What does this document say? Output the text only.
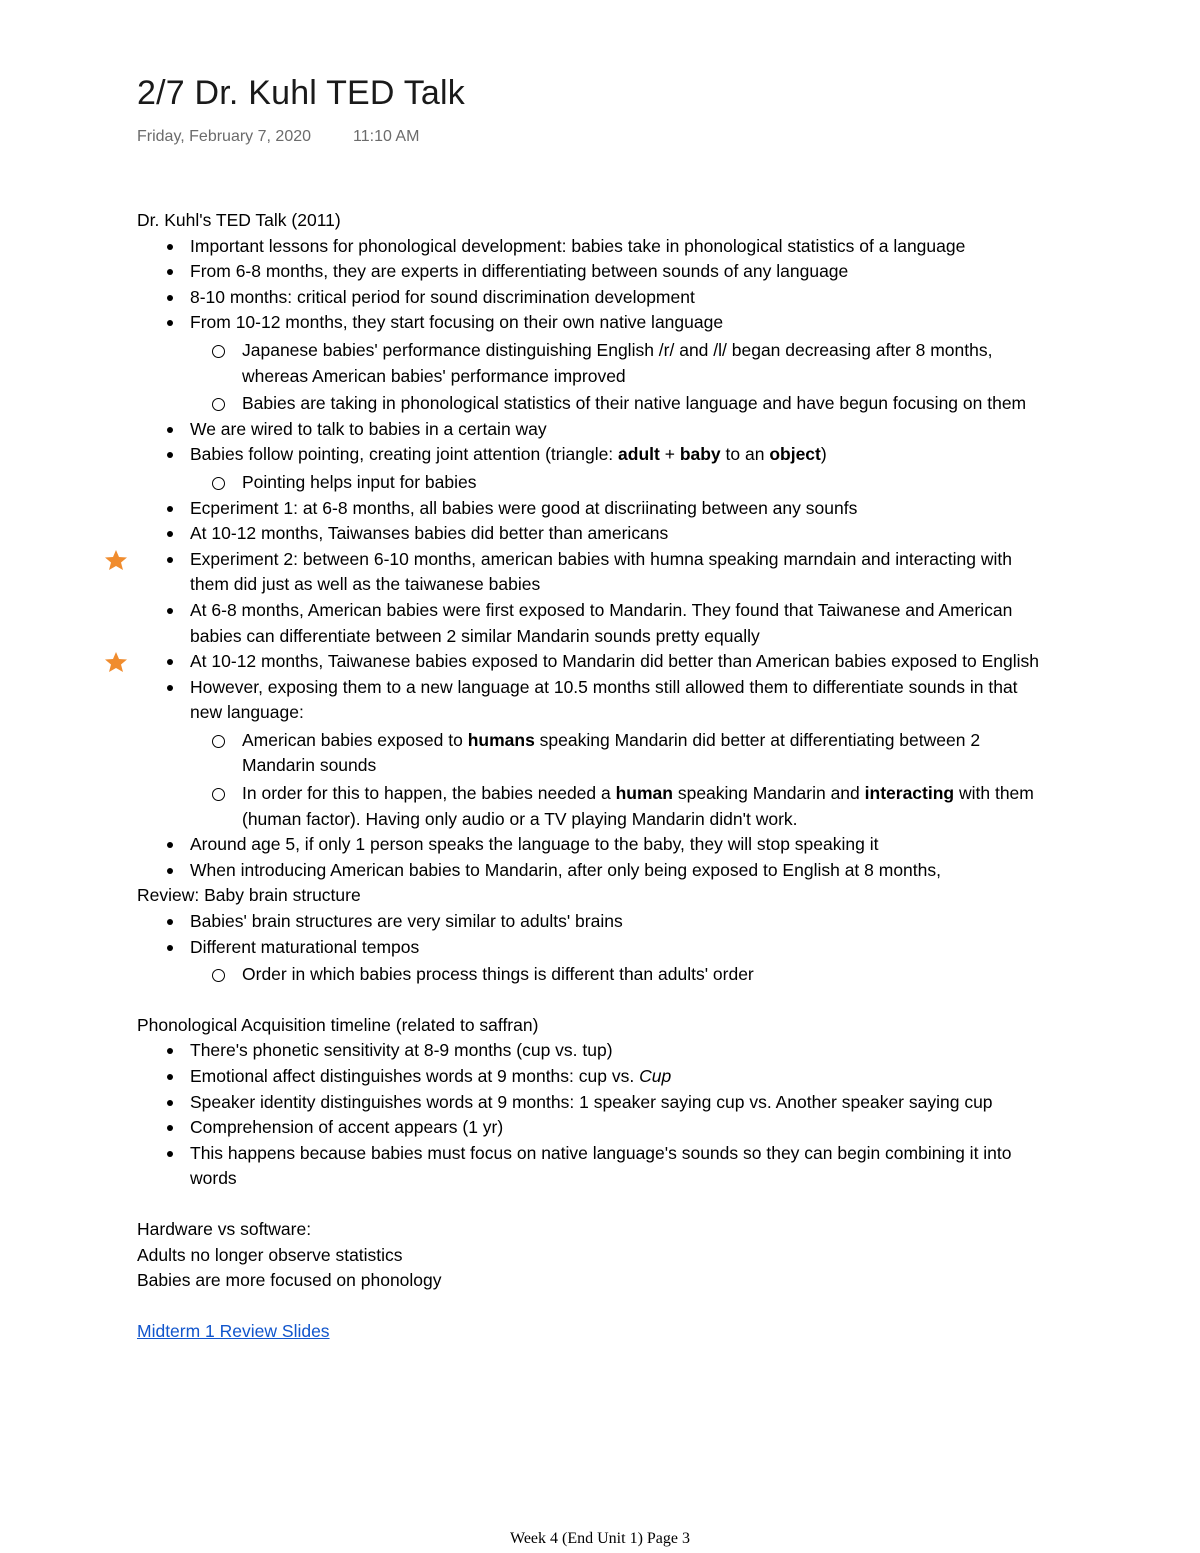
2/7 Dr. Kuhl TED Talk
Friday, February 7, 2020	11:10 AM

Dr. Kuhl's TED Talk (2011)

Important lessons for phonological development: babies take in phonological statistics of a language
From 6-8 months, they are experts in differentiating between sounds of any language
8-10 months: critical period for sound discrimination development
From 10-12 months, they start focusing on their own native language
Japanese babies' performance distinguishing English /r/ and /l/ began decreasing after 8 months, whereas American babies' performance improved
Babies are taking in phonological statistics of their native language and have begun focusing on them
We are wired to talk to babies in a certain way
Babies follow pointing, creating joint attention (triangle: adult + baby to an object)
Pointing helps input for babies
Ecperiment 1: at 6-8 months, all babies were good at discriinating between any sounfs
At 10-12 months, Taiwanses babies did better than americans
Experiment 2: between 6-10 months, american babies with humna speaking marndain and interacting with them did just as well as the taiwanese babies
At 6-8 months, American babies were first exposed to Mandarin. They found that Taiwanese and American babies can differentiate between 2 similar Mandarin sounds pretty equally
At 10-12 months, Taiwanese babies exposed to Mandarin did better than American babies exposed to English
However, exposing them to a new language at 10.5 months still allowed them to differentiate sounds in that new language:
American babies exposed to humans speaking Mandarin did better at differentiating between 2 Mandarin sounds
In order for this to happen, the babies needed a human speaking Mandarin and interacting with them (human factor). Having only audio or a TV playing Mandarin didn't work.
Around age 5, if only 1 person speaks the language to the baby, they will stop speaking it
When introducing American babies to Mandarin, after only being exposed to English at 8 months,

Review: Baby brain structure

Babies' brain structures are very similar to adults' brains
Different maturational tempos
Order in which babies process things is different than adults' order

Phonological Acquisition timeline (related to saffran)

There's phonetic sensitivity at 8-9 months (cup vs. tup)
Emotional affect distinguishes words at 9 months: cup vs. Cup
Speaker identity distinguishes words at 9 months: 1 speaker saying cup vs. Another speaker saying cup
Comprehension of accent appears (1 yr)
This happens because babies must focus on native language's sounds so they can begin combining it into words

Hardware vs software:

Adults no longer observe statistics

Babies are more focused on phonology

Midterm 1 Review Slides

Week 4 (End Unit 1) Page 3
